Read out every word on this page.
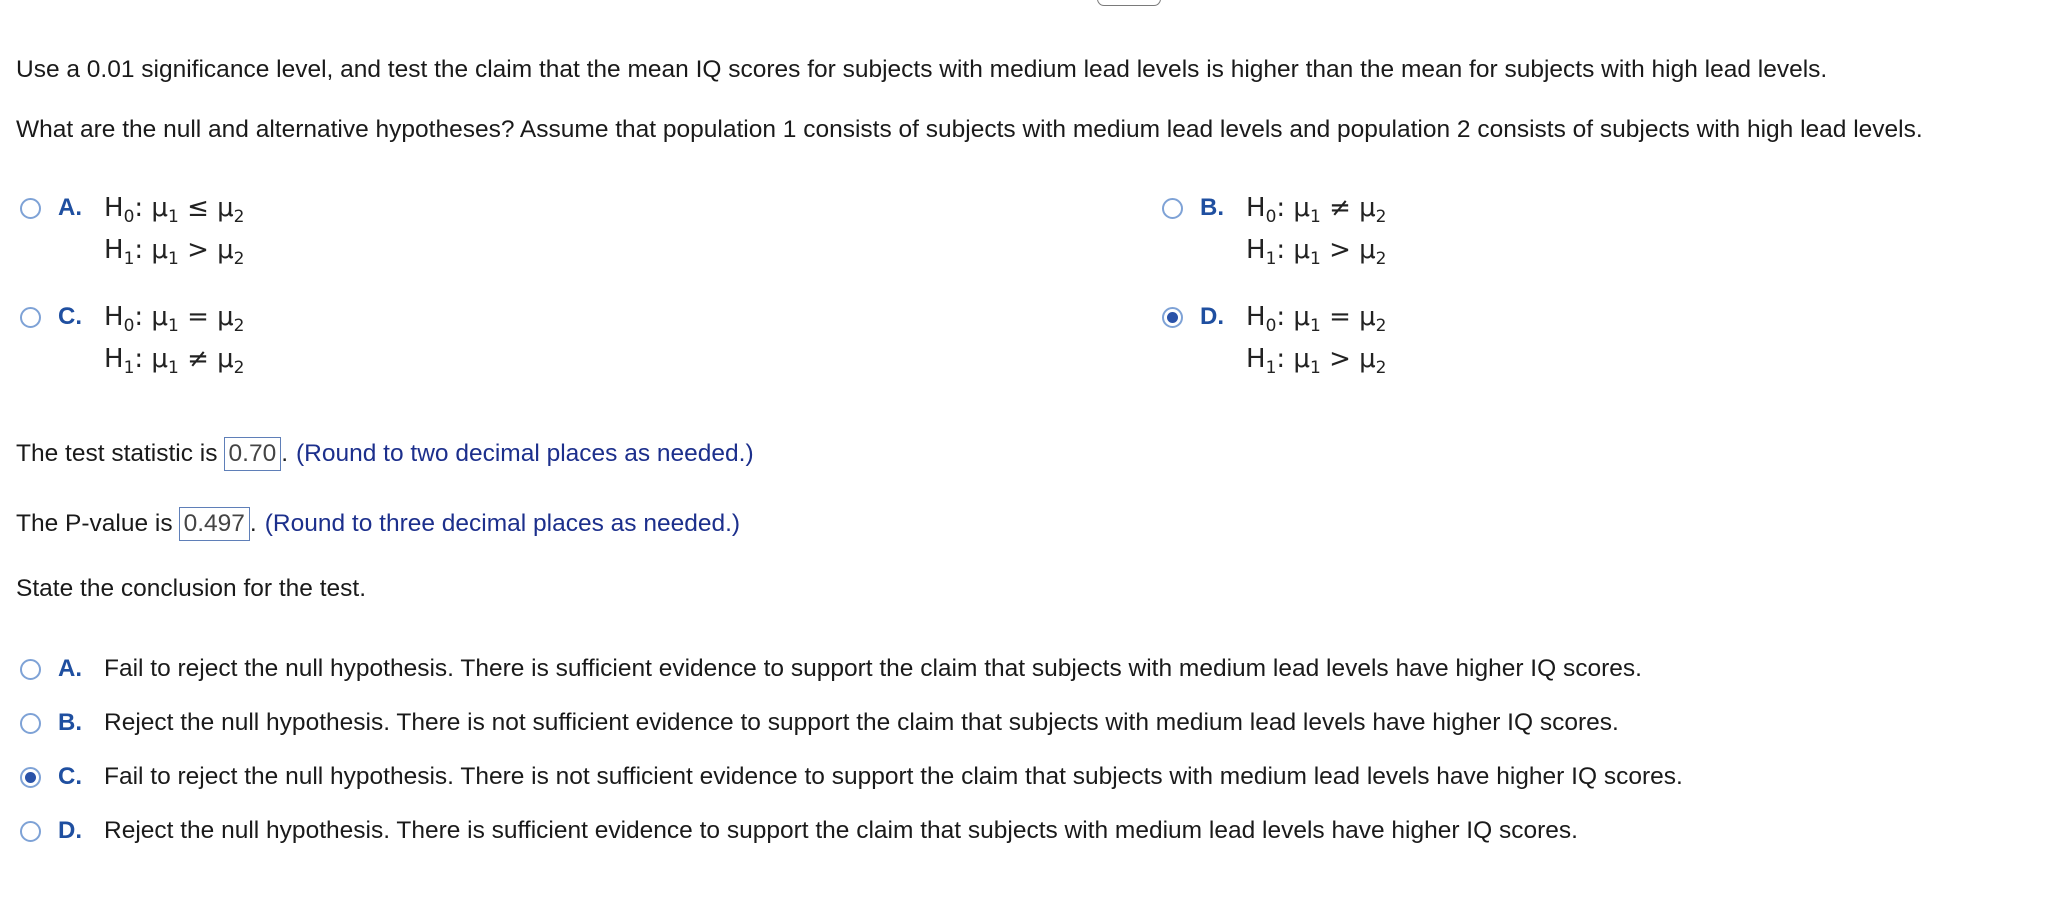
Use a 0.01 significance level, and test the claim that the mean IQ scores for subjects with medium lead levels is higher than the mean for subjects with high lead levels.
What are the null and alternative hypotheses? Assume that population 1 consists of subjects with medium lead levels and population 2 consists of subjects with high lead levels.
A. $H_0$: $\mu_1 \le \mu_2$
$H_1$: $\mu_1 > \mu_2$
B. $H_0$: $\mu_1 \ne \mu_2$
$H_1$: $\mu_1 > \mu_2$
C. $H_0$: $\mu_1 = \mu_2$
$H_1$: $\mu_1 \ne \mu_2$
D. $H_0$: $\mu_1 = \mu_2$
$H_1$: $\mu_1 > \mu_2$
The test statistic is 0.70 . (Round to two decimal places as needed.)
The P-value is 0.497 . (Round to three decimal places as needed.)
State the conclusion for the test.
A. Fail to reject the null hypothesis. There is sufficient evidence to support the claim that subjects with medium lead levels have higher IQ scores.
B. Reject the null hypothesis. There is not sufficient evidence to support the claim that subjects with medium lead levels have higher IQ scores.
C. Fail to reject the null hypothesis. There is not sufficient evidence to support the claim that subjects with medium lead levels have higher IQ scores.
D. Reject the null hypothesis. There is sufficient evidence to support the claim that subjects with medium lead levels have higher IQ scores.
